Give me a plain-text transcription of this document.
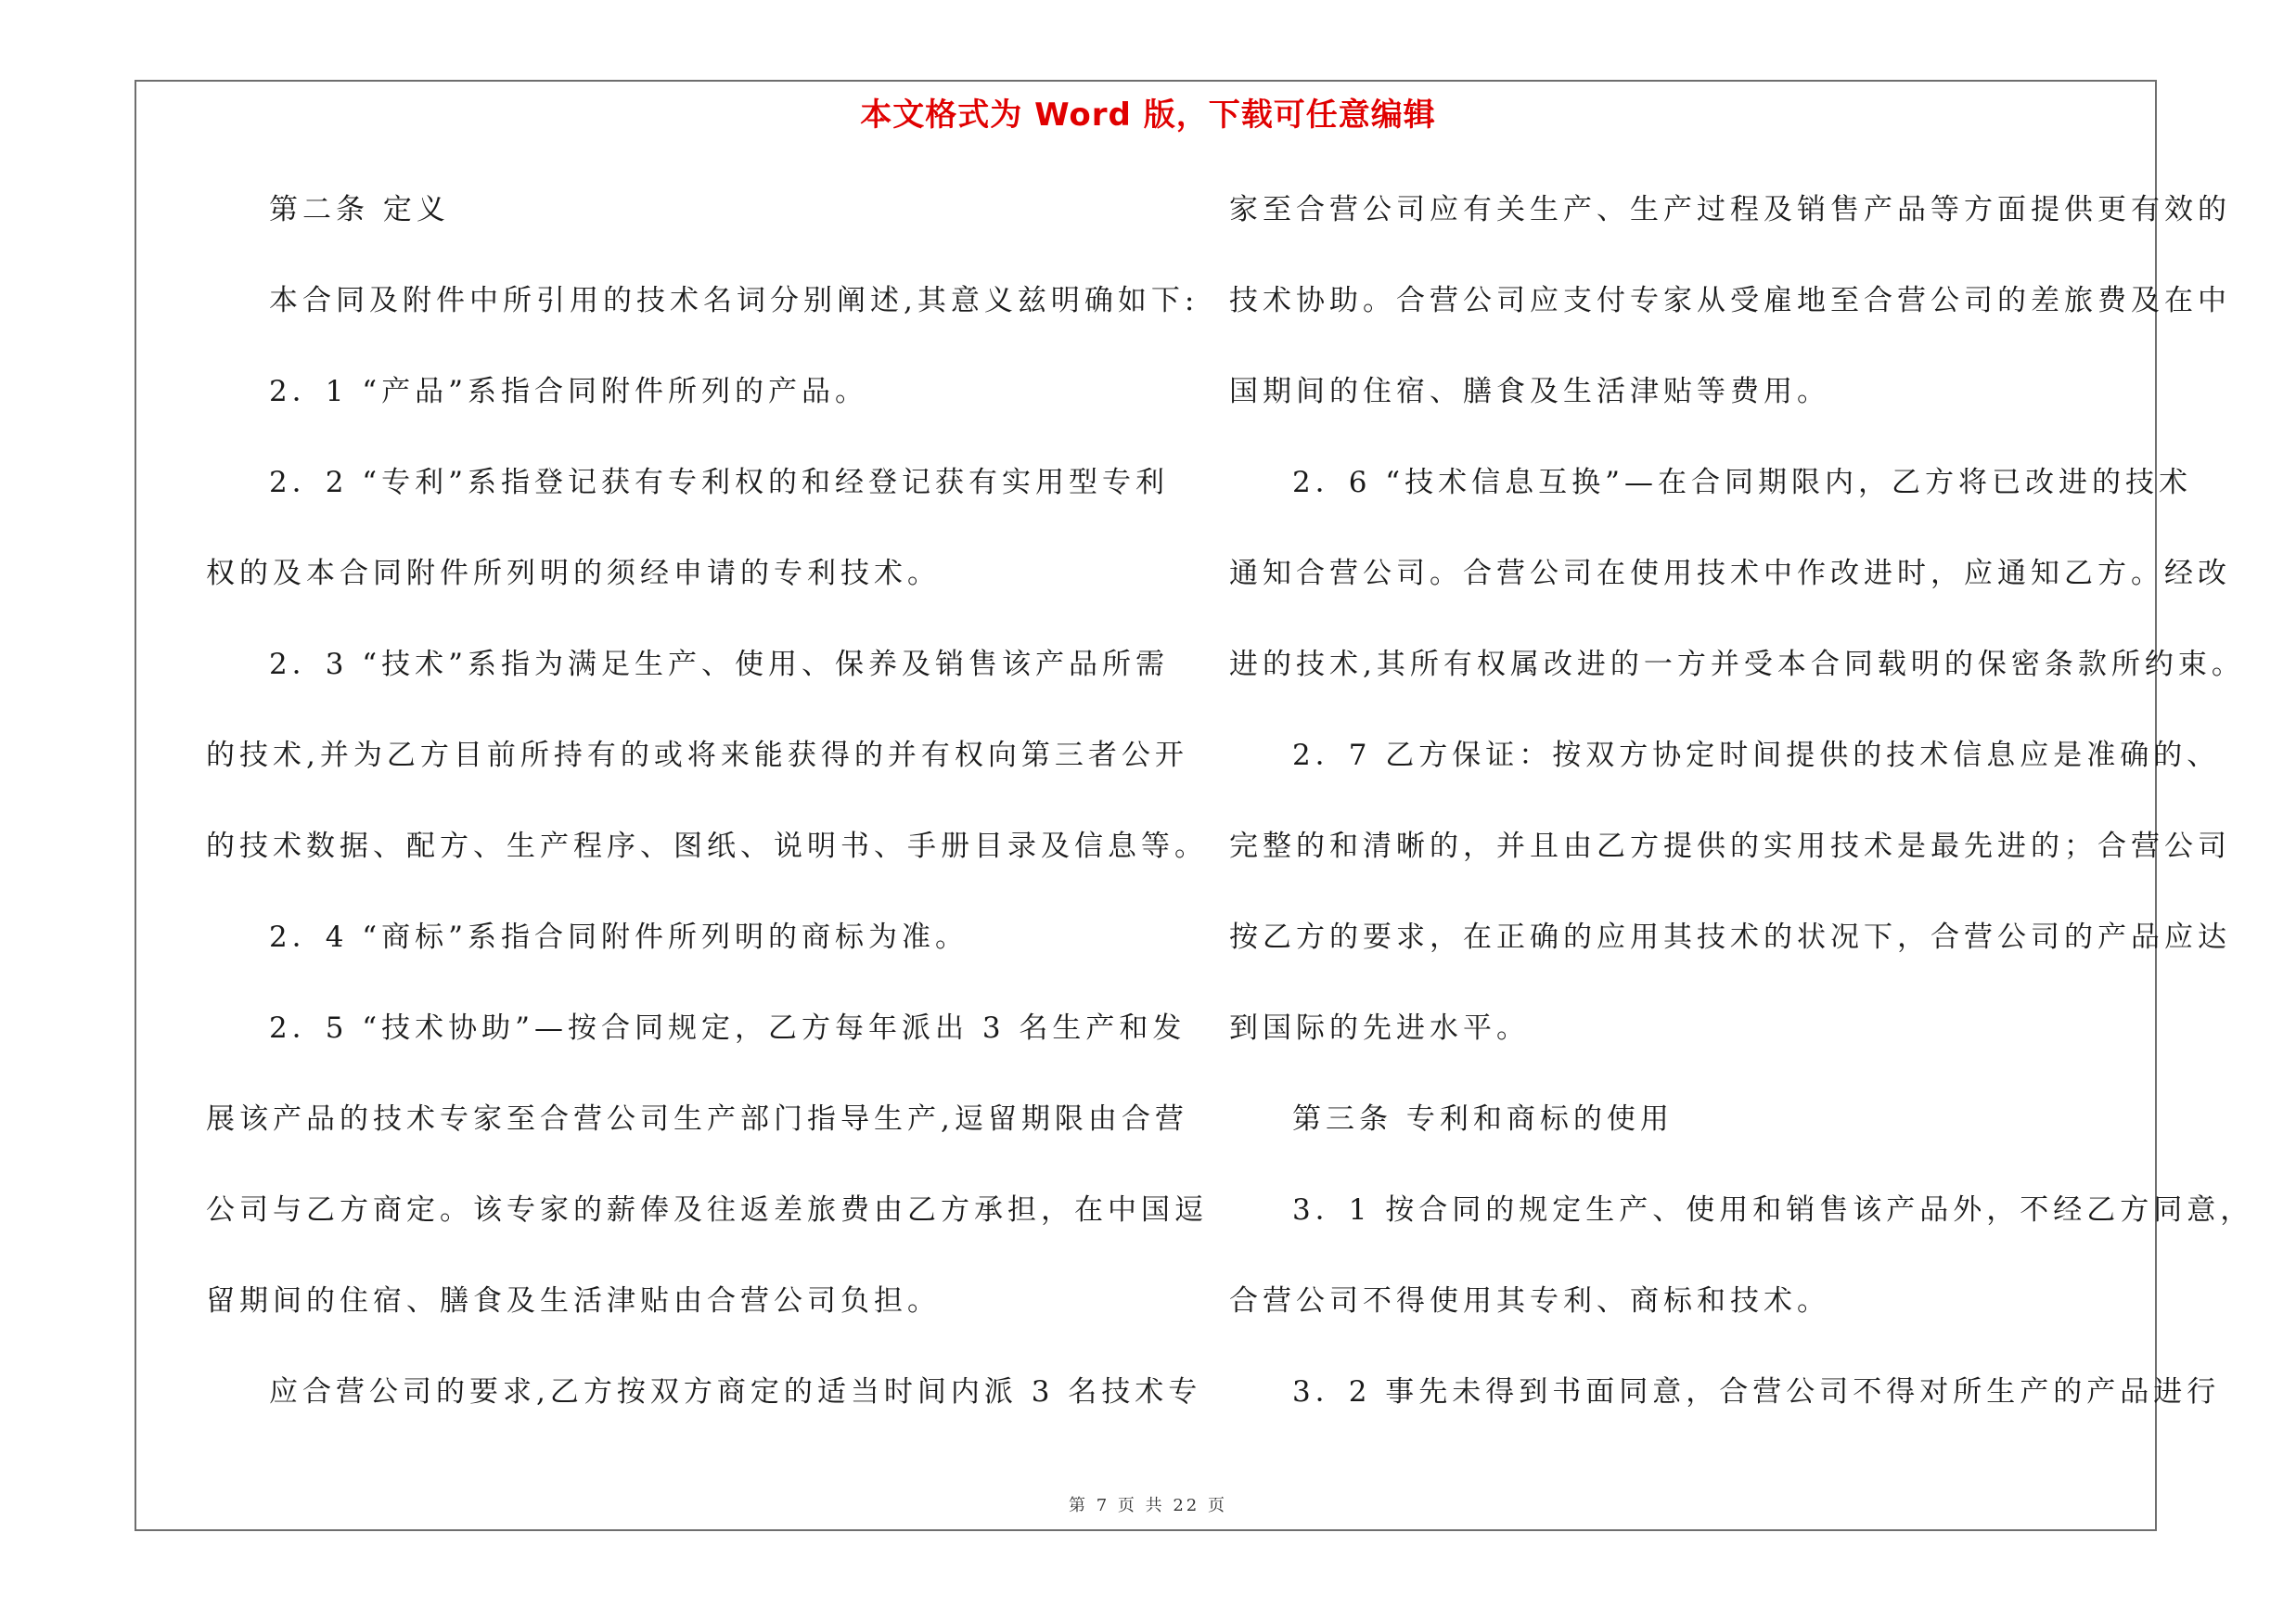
本文格式为 Word 版，下载可任意编辑
第二条 定义
本合同及附件中所引用的技术名词分别阐述,其意义兹明确如下:
2．1 “产品”系指合同附件所列的产品。
2．2 “专利”系指登记获有专利权的和经登记获有实用型专利
权的及本合同附件所列明的须经申请的专利技术。
2．3 “技术”系指为满足生产、使用、保养及销售该产品所需
的技术,并为乙方目前所持有的或将来能获得的并有权向第三者公开
的技术数据、配方、生产程序、图纸、说明书、手册目录及信息等。
2．4 “商标”系指合同附件所列明的商标为准。
2．5 “技术协助”—按合同规定，乙方每年派出 3 名生产和发
展该产品的技术专家至合营公司生产部门指导生产,逗留期限由合营
公司与乙方商定。该专家的薪俸及往返差旅费由乙方承担，在中国逗
留期间的住宿、膳食及生活津贴由合营公司负担。
应合营公司的要求,乙方按双方商定的适当时间内派 3 名技术专
家至合营公司应有关生产、生产过程及销售产品等方面提供更有效的
技术协助。合营公司应支付专家从受雇地至合营公司的差旅费及在中
国期间的住宿、膳食及生活津贴等费用。
2．6 “技术信息互换”—在合同期限内，乙方将已改进的技术
通知合营公司。合营公司在使用技术中作改进时，应通知乙方。经改
进的技术,其所有权属改进的一方并受本合同载明的保密条款所约束。
2．7 乙方保证：按双方协定时间提供的技术信息应是准确的、
完整的和清晰的，并且由乙方提供的实用技术是最先进的；合营公司
按乙方的要求，在正确的应用其技术的状况下，合营公司的产品应达
到国际的先进水平。
第三条 专利和商标的使用
3．1 按合同的规定生产、使用和销售该产品外，不经乙方同意，
合营公司不得使用其专利、商标和技术。
3．2 事先未得到书面同意，合营公司不得对所生产的产品进行
第 7 页 共 22 页
